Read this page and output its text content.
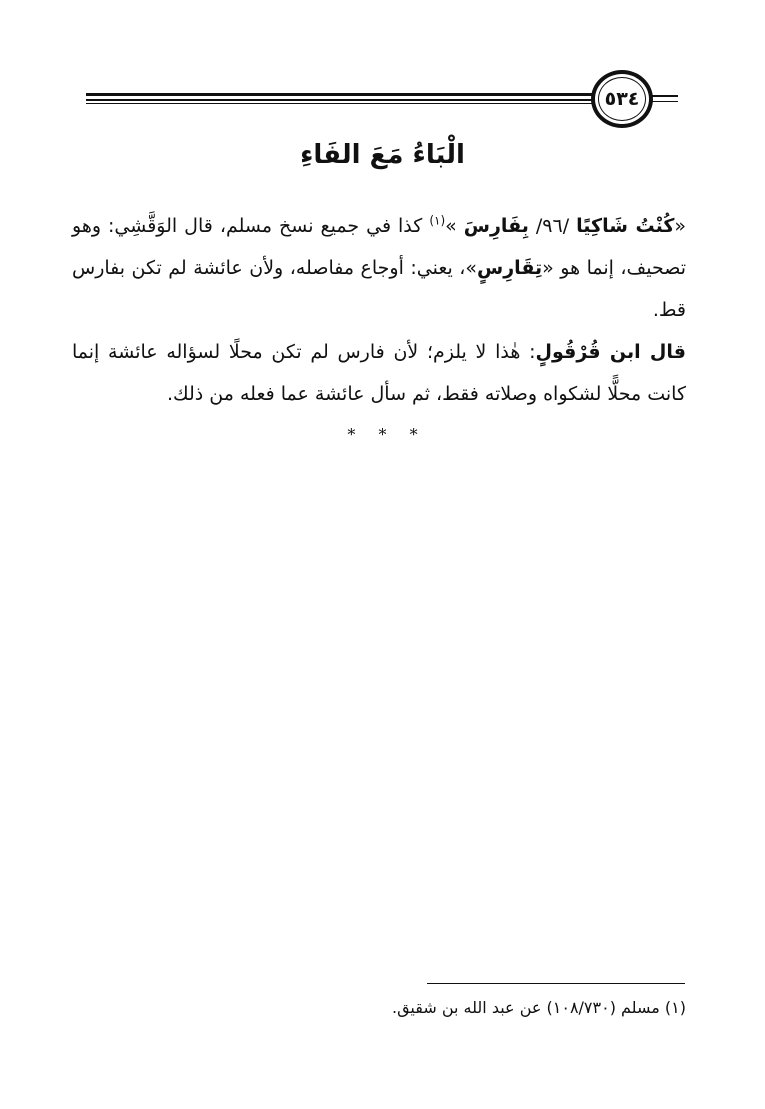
٥٣٤
الْبَاءُ مَعَ الفَاءِ

«كُنْتُ شَاكِيًا /٩٦/ بِفَارِسَ »$^{(١)}$ كذا في جميع نسخ مسلم، قال الوَقَّشِي: وهو تصحيف، إنما هو «تِقَارِسٍ»، يعني: أوجاع مفاصله، ولأن عائشة لم تكن بفارس قط.

قال ابن قُرْقُولٍ: هٰذا لا يلزم؛ لأن فارس لم تكن محلًا لسؤاله عائشة إنما كانت محلًّا لشكواه وصلاته فقط، ثم سأل عائشة عما فعله من ذلك.

* * *
(١) مسلم (١٠٨/٧٣٠) عن عبد الله بن شقيق.
